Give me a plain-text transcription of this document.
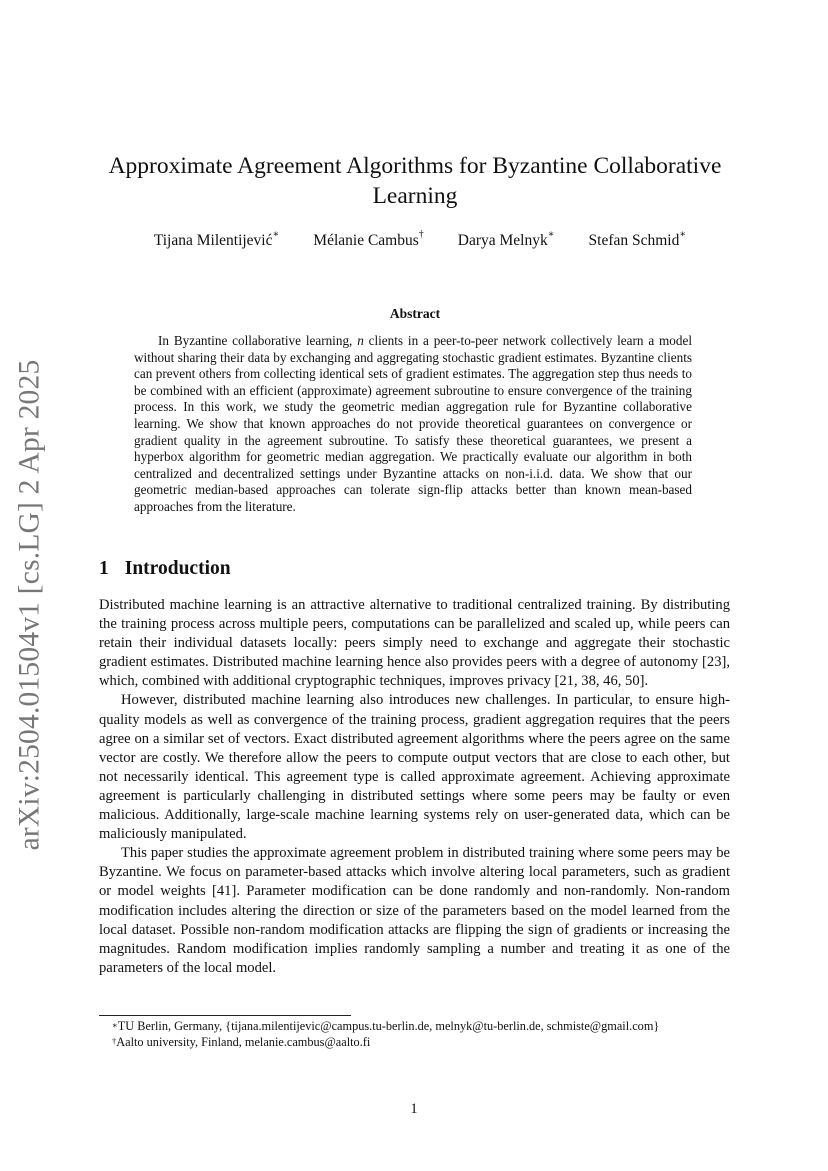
arXiv:2504.01504v1 [cs.LG] 2 Apr 2025
Approximate Agreement Algorithms for Byzantine Collaborative Learning
Tijana Milentijević∗ Mélanie Cambus† Darya Melnyk∗ Stefan Schmid∗
Abstract

In Byzantine collaborative learning, n clients in a peer-to-peer network collectively learn a model without sharing their data by exchanging and aggregating stochastic gradient estimates. Byzantine clients can prevent others from collecting identical sets of gradient estimates. The aggregation step thus needs to be combined with an efficient (approximate) agreement subroutine to ensure convergence of the training process. In this work, we study the geometric median aggregation rule for Byzantine collaborative learning. We show that known approaches do not provide theoretical guarantees on convergence or gradient quality in the agreement subroutine. To satisfy these theoretical guarantees, we present a hyperbox algorithm for geometric median aggregation. We practically evaluate our algorithm in both centralized and decentralized settings under Byzantine attacks on non-i.i.d. data. We show that our geometric median-based approaches can tolerate sign-flip attacks better than known mean-based approaches from the literature.

1 Introduction

Distributed machine learning is an attractive alternative to traditional centralized training. By distributing the training process across multiple peers, computations can be parallelized and scaled up, while peers can retain their individual datasets locally: peers simply need to exchange and aggregate their stochastic gradient estimates. Distributed machine learning hence also provides peers with a degree of autonomy [23], which, combined with additional cryptographic techniques, improves privacy [21, 38, 46, 50].

However, distributed machine learning also introduces new challenges. In particular, to ensure high-quality models as well as convergence of the training process, gradient aggregation requires that the peers agree on a similar set of vectors. Exact distributed agreement algorithms where the peers agree on the same vector are costly. We therefore allow the peers to compute output vectors that are close to each other, but not necessarily identical. This agreement type is called approximate agreement. Achieving approximate agreement is particularly challenging in distributed settings where some peers may be faulty or even malicious. Additionally, large-scale machine learning systems rely on user-generated data, which can be maliciously manipulated.

This paper studies the approximate agreement problem in distributed training where some peers may be Byzantine. We focus on parameter-based attacks which involve altering local parameters, such as gradient or model weights [41]. Parameter modification can be done randomly and non-randomly. Non-random modification includes altering the direction or size of the parameters based on the model learned from the local dataset. Possible non-random modification attacks are flipping the sign of gradients or increasing the magnitudes. Random modification implies randomly sampling a number and treating it as one of the parameters of the local model.

∗TU Berlin, Germany, {tijana.milentijevic@campus.tu-berlin.de, melnyk@tu-berlin.de, schmiste@gmail.com}

†Aalto university, Finland, melanie.cambus@aalto.fi

1
